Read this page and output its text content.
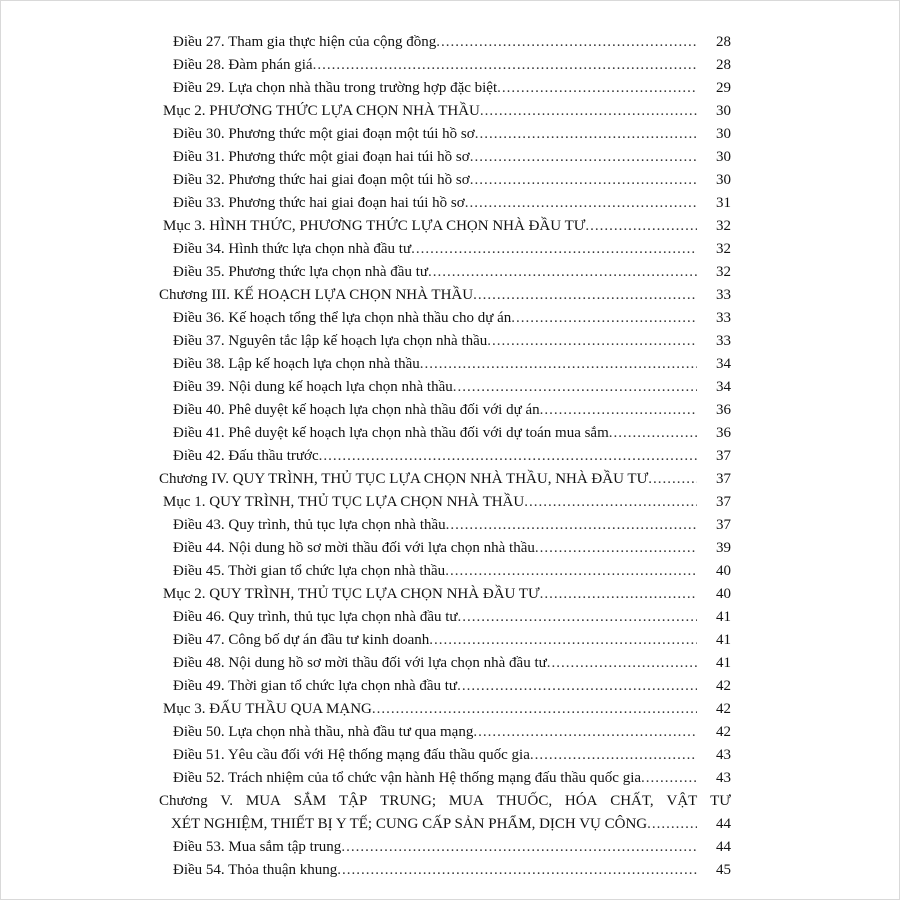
Điều 27. Tham gia thực hiện của cộng đồng .....	28
Điều 28. Đàm phán giá .....	28
Điều 29. Lựa chọn nhà thầu trong trường hợp đặc biệt .....	29
Mục 2. PHƯƠNG THỨC LỰA CHỌN NHÀ THẦU .....	30
Điều 30. Phương thức một giai đoạn một túi hồ sơ .....	30
Điều 31. Phương thức một giai đoạn hai túi hồ sơ .....	30
Điều 32. Phương thức hai giai đoạn một túi hồ sơ .....	30
Điều 33. Phương thức hai giai đoạn hai túi hồ sơ .....	31
Mục 3. HÌNH THỨC, PHƯƠNG THỨC LỰA CHỌN NHÀ ĐẦU TƯ .....	32
Điều 34. Hình thức lựa chọn nhà đầu tư .....	32
Điều 35. Phương thức lựa chọn nhà đầu tư .....	32
Chương III. KẾ HOẠCH LỰA CHỌN NHÀ THẦU .....	33
Điều 36. Kế hoạch tổng thể lựa chọn nhà thầu cho dự án .....	33
Điều 37. Nguyên tắc lập kế hoạch lựa chọn nhà thầu .....	33
Điều 38. Lập kế hoạch lựa chọn nhà thầu .....	34
Điều 39. Nội dung kế hoạch lựa chọn nhà thầu .....	34
Điều 40. Phê duyệt kế hoạch lựa chọn nhà thầu đối với dự án .....	36
Điều 41. Phê duyệt kế hoạch lựa chọn nhà thầu đối với dự toán mua sắm .....	36
Điều 42. Đấu thầu trước .....	37
Chương IV. QUY TRÌNH, THỦ TỤC LỰA CHỌN NHÀ THẦU, NHÀ ĐẦU TƯ .....	37
Mục 1. QUY TRÌNH, THỦ TỤC LỰA CHỌN NHÀ THẦU .....	37
Điều 43. Quy trình, thủ tục lựa chọn nhà thầu .....	37
Điều 44. Nội dung hồ sơ mời thầu đối với lựa chọn nhà thầu .....	39
Điều 45. Thời gian tổ chức lựa chọn nhà thầu .....	40
Mục 2. QUY TRÌNH, THỦ TỤC LỰA CHỌN NHÀ ĐẦU TƯ .....	40
Điều 46. Quy trình, thủ tục lựa chọn nhà đầu tư .....	41
Điều 47. Công bố dự án đầu tư kinh doanh .....	41
Điều 48. Nội dung hồ sơ mời thầu đối với lựa chọn nhà đầu tư .....	41
Điều 49. Thời gian tổ chức lựa chọn nhà đầu tư .....	42
Mục 3. ĐẤU THẦU QUA MẠNG .....	42
Điều 50. Lựa chọn nhà thầu, nhà đầu tư qua mạng .....	42
Điều 51. Yêu cầu đối với Hệ thống mạng đấu thầu quốc gia .....	43
Điều 52. Trách nhiệm của tổ chức vận hành Hệ thống mạng đấu thầu quốc gia .....	43
Chương V. MUA SẮM TẬP TRUNG; MUA THUỐC, HÓA CHẤT, VẬT TƯ
XÉT NGHIỆM, THIẾT BỊ Y TẾ; CUNG CẤP SẢN PHẨM, DỊCH VỤ CÔNG .....	44
Điều 53. Mua sắm tập trung .....	44
Điều 54. Thỏa thuận khung .....	45
